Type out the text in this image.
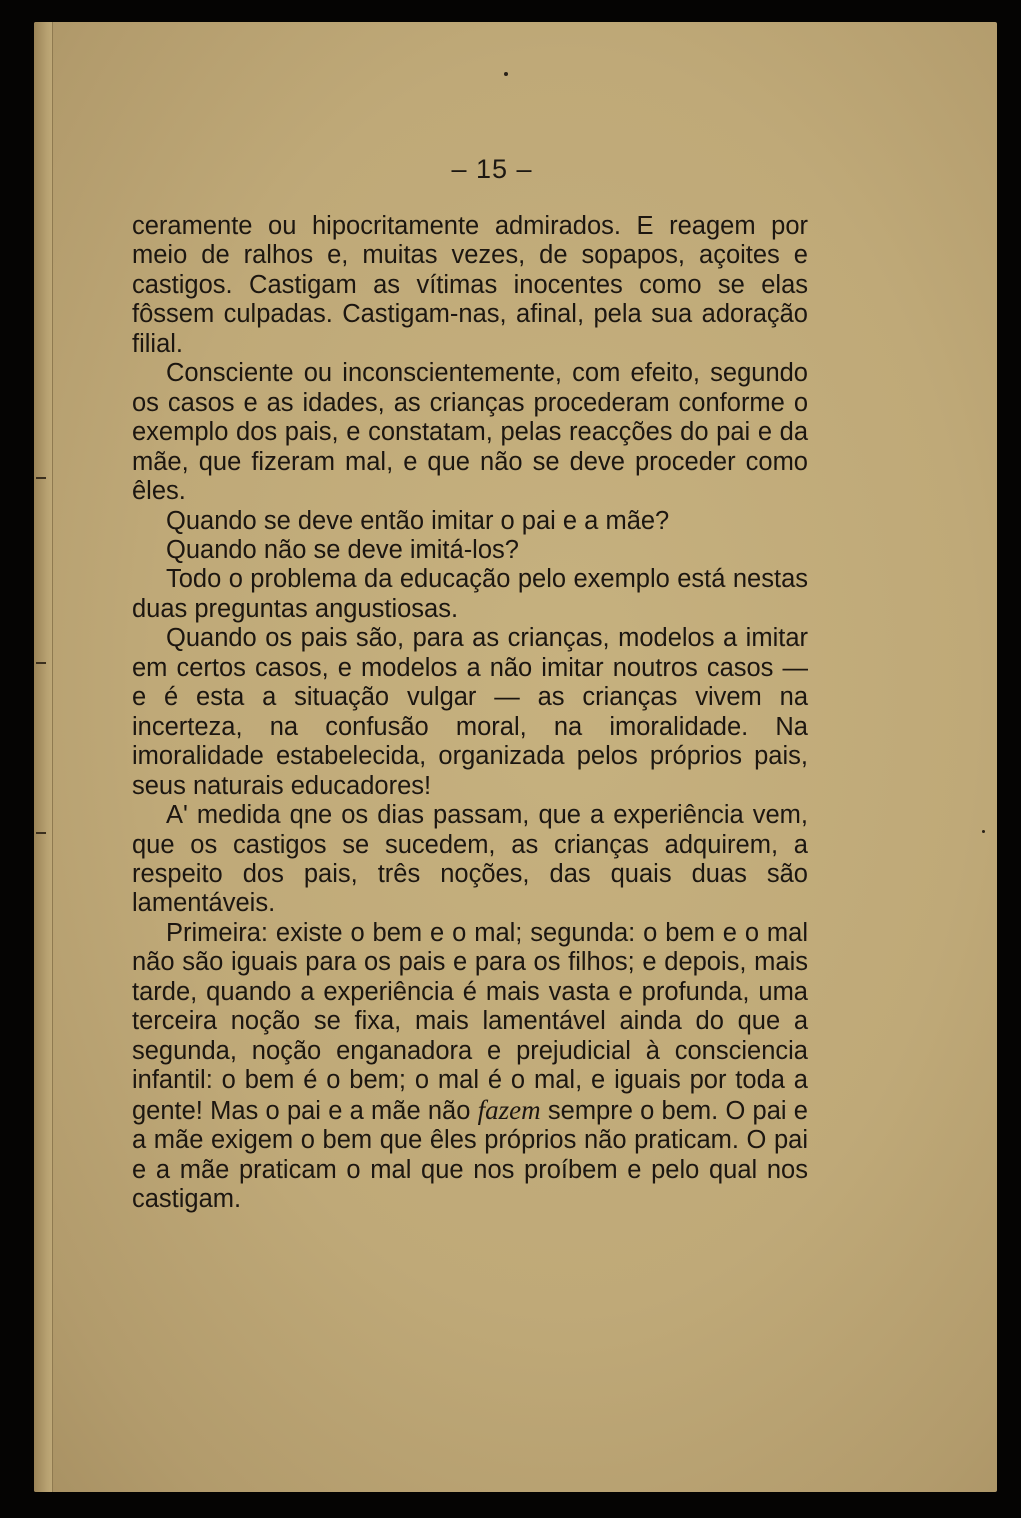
– 15 –

ceramente ou hipocritamente admirados. E reagem por meio de ralhos e, muitas vezes, de sopapos, açoites e castigos. Castigam as vítimas inocentes como se elas fôssem culpadas. Castigam-nas, afinal, pela sua adoração filial.

Consciente ou inconscientemente, com efeito, segundo os casos e as idades, as crianças procederam conforme o exemplo dos pais, e constatam, pelas reacções do pai e da mãe, que fizeram mal, e que não se deve proceder como êles.

Quando se deve então imitar o pai e a mãe?

Quando não se deve imitá-los?

Todo o problema da educação pelo exemplo está nestas duas preguntas angustiosas.

Quando os pais são, para as crianças, modelos a imitar em certos casos, e modelos a não imitar noutros casos — e é esta a situação vulgar — as crianças vivem na incerteza, na confusão moral, na imoralidade. Na imoralidade estabelecida, organizada pelos próprios pais, seus naturais educadores!

A' medida qne os dias passam, que a experiência vem, que os castigos se sucedem, as crianças adquirem, a respeito dos pais, três noções, das quais duas são lamentáveis.

Primeira: existe o bem e o mal; segunda: o bem e o mal não são iguais para os pais e para os filhos; e depois, mais tarde, quando a experiência é mais vasta e profunda, uma terceira noção se fixa, mais lamentável ainda do que a segunda, noção enganadora e prejudicial à consciencia infantil: o bem é o bem; o mal é o mal, e iguais por toda a gente! Mas o pai e a mãe não fazem sempre o bem. O pai e a mãe exigem o bem que êles próprios não praticam. O pai e a mãe praticam o mal que nos proíbem e pelo qual nos castigam.
